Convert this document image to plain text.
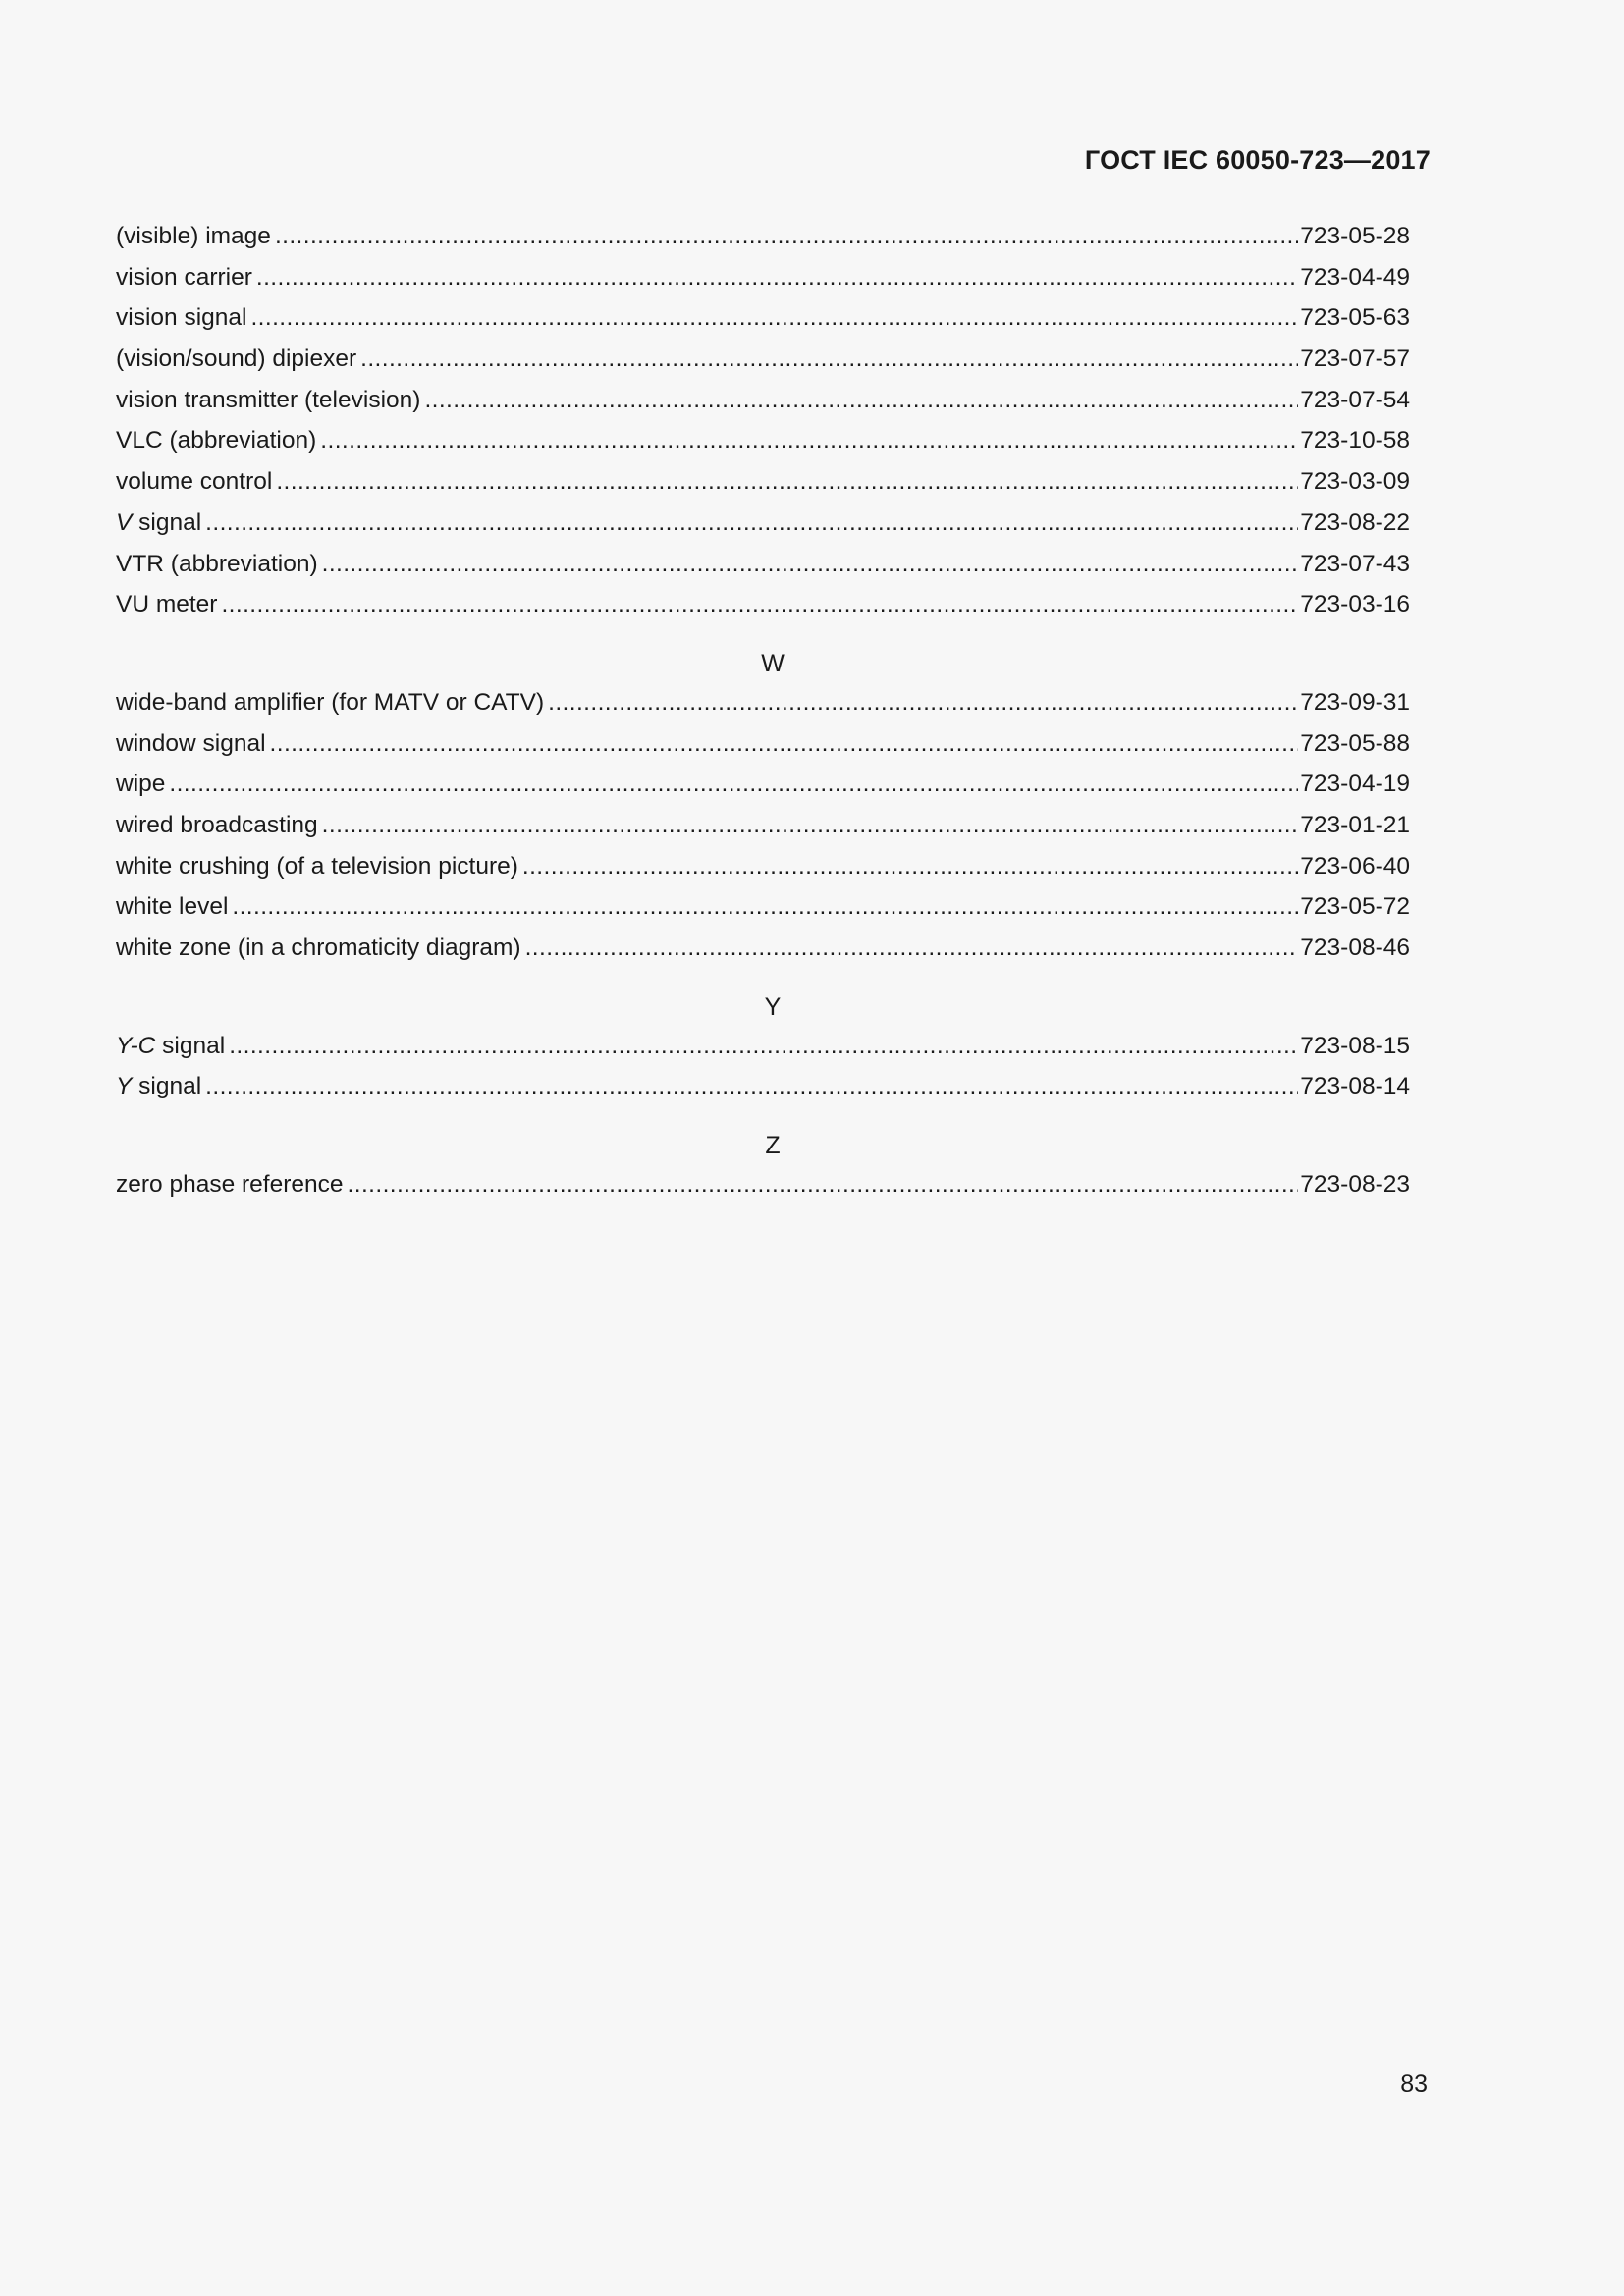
ГОСТ IEC 60050-723—2017
(visible) image .....	723-05-28
vision carrier .....	723-04-49
vision signal .....	723-05-63
(vision/sound) dipiexer .....	723-07-57
vision transmitter (television) .....	723-07-54
VLC (abbreviation) .....	723-10-58
volume control .....	723-03-09
V signal .....	723-08-22
VTR (abbreviation) .....	723-07-43
VU meter .....	723-03-16
W
wide-band amplifier (for MATV or CATV) .....	723-09-31
window signal .....	723-05-88
wipe .....	723-04-19
wired broadcasting .....	723-01-21
white crushing (of a television picture) .....	723-06-40
white level .....	723-05-72
white zone (in a chromaticity diagram) .....	723-08-46
Y
Y-C signal .....	723-08-15
Y signal .....	723-08-14
Z
zero phase reference .....	723-08-23
83
